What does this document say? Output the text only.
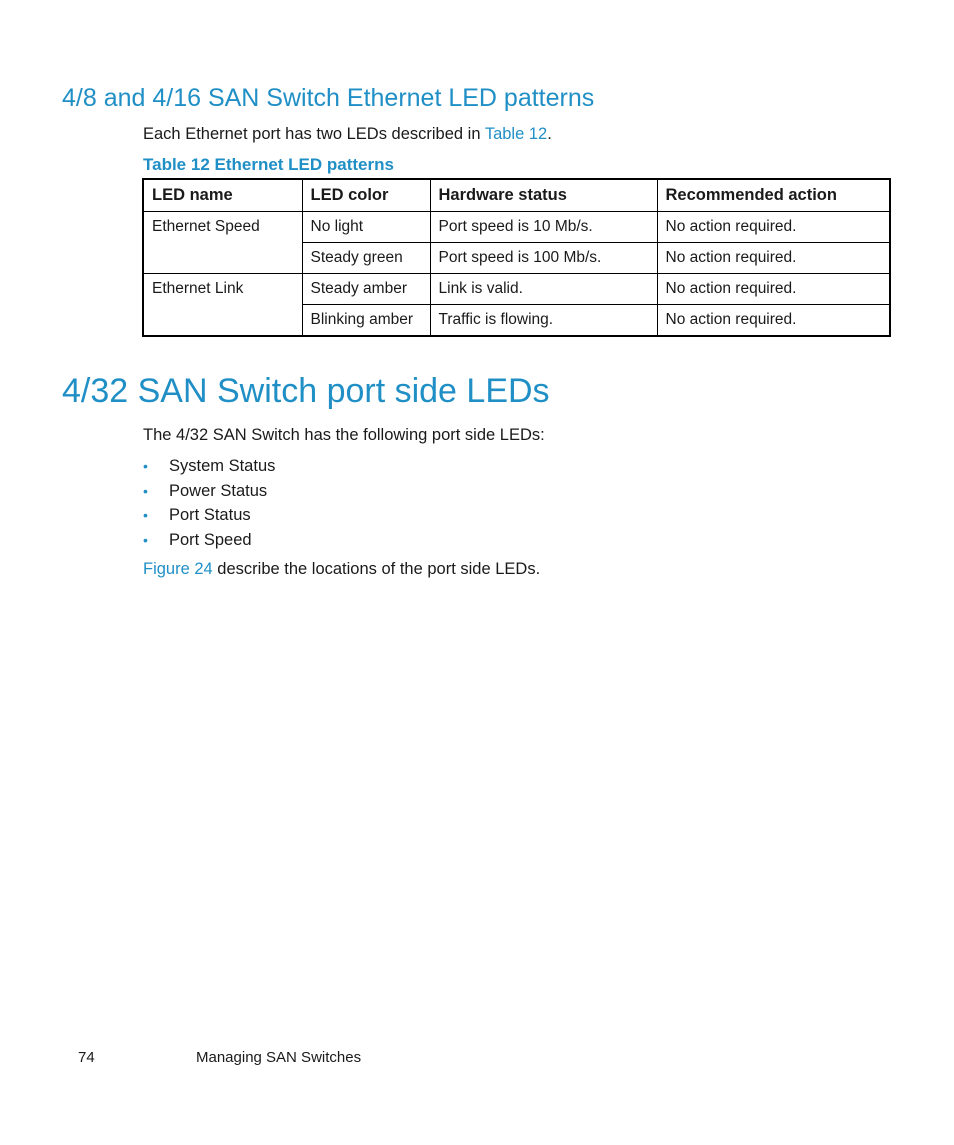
4/8 and 4/16 SAN Switch Ethernet LED patterns

Each Ethernet port has two LEDs described in Table 12.

Table 12 Ethernet LED patterns

LED name	LED color	Hardware status	Recommended action
Ethernet Speed	No light	Port speed is 10 Mb/s.	No action required.
	Steady green	Port speed is 100 Mb/s.	No action required.
Ethernet Link	Steady amber	Link is valid.	No action required.
	Blinking amber	Traffic is flowing.	No action required.
4/32 SAN Switch port side LEDs

The 4/32 SAN Switch has the following port side LEDs:

• System Status
• Power Status
• Port Status
• Port Speed

Figure 24 describe the locations of the port side LEDs.

74	Managing SAN Switches
